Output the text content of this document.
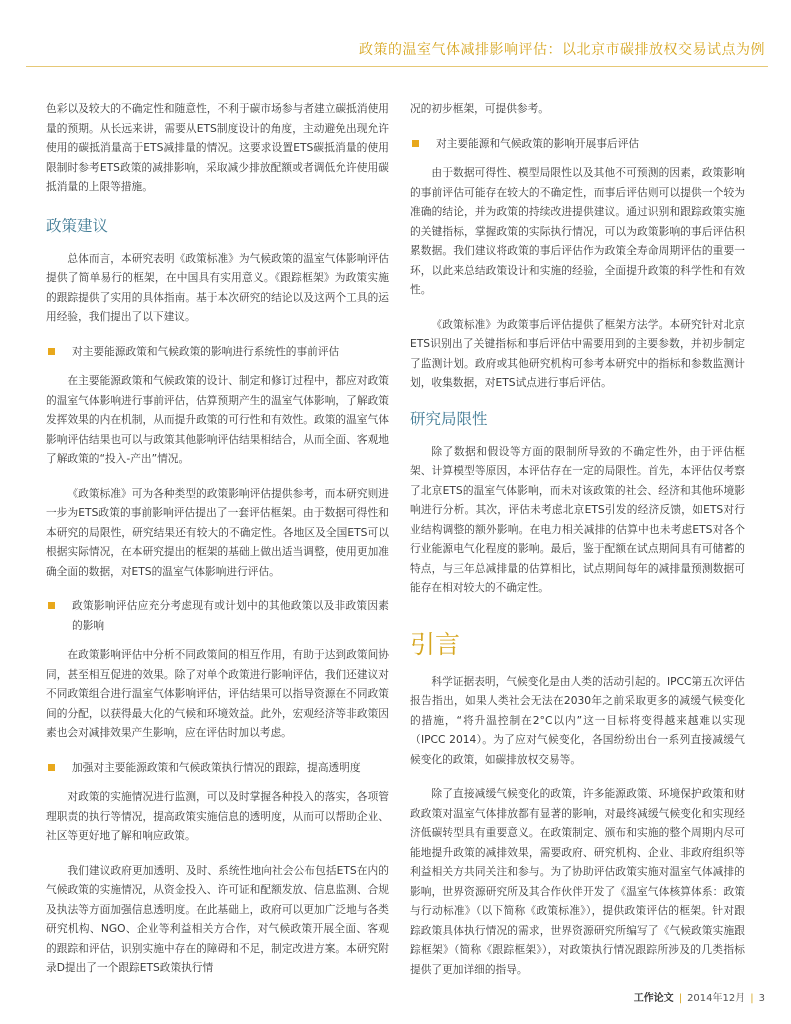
政策的温室气体减排影响评估：以北京市碳排放权交易试点为例

色彩以及较大的不确定性和随意性，不利于碳市场参与者建立碳抵消使用量的预期。从长远来讲，需要从ETS制度设计的角度，主动避免出现允许使用的碳抵消量高于ETS减排量的情况。这要求设置ETS碳抵消量的使用限制时参考ETS政策的减排影响，采取减少排放配额或者调低允许使用碳抵消量的上限等措施。

政策建议

总体而言，本研究表明《政策标准》为气候政策的温室气体影响评估提供了简单易行的框架，在中国具有实用意义。《跟踪框架》为政策实施的跟踪提供了实用的具体指南。基于本次研究的结论以及这两个工具的运用经验，我们提出了以下建议。

对主要能源政策和气候政策的影响进行系统性的事前评估

在主要能源政策和气候政策的设计、制定和修订过程中，都应对政策的温室气体影响进行事前评估，估算预期产生的温室气体影响，了解政策发挥效果的内在机制，从而提升政策的可行性和有效性。政策的温室气体影响评估结果也可以与政策其他影响评估结果相结合，从而全面、客观地了解政策的“投入-产出”情况。

《政策标准》可为各种类型的政策影响评估提供参考，而本研究则进一步为ETS政策的事前影响评估提出了一套评估框架。由于数据可得性和本研究的局限性，研究结果还有较大的不确定性。各地区及全国ETS可以根据实际情况，在本研究提出的框架的基础上做出适当调整，使用更加准确全面的数据，对ETS的温室气体影响进行评估。

政策影响评估应充分考虑现有或计划中的其他政策以及非政策因素的影响

在政策影响评估中分析不同政策间的相互作用，有助于达到政策间协同，甚至相互促进的效果。除了对单个政策进行影响评估，我们还建议对不同政策组合进行温室气体影响评估，评估结果可以指导资源在不同政策间的分配，以获得最大化的气候和环境效益。此外，宏观经济等非政策因素也会对减排效果产生影响，应在评估时加以考虑。

加强对主要能源政策和气候政策执行情况的跟踪，提高透明度

对政策的实施情况进行监测，可以及时掌握各种投入的落实，各项管理职责的执行等情况，提高政策实施信息的透明度，从而可以帮助企业、社区等更好地了解和响应政策。

我们建议政府更加透明、及时、系统性地向社会公布包括ETS在内的气候政策的实施情况，从资金投入、许可证和配额发放、信息监测、合规及执法等方面加强信息透明度。在此基础上，政府可以更加广泛地与各类研究机构、NGO、企业等利益相关方合作，对气候政策开展全面、客观的跟踪和评估，识别实施中存在的障碍和不足，制定改进方案。本研究附录D提出了一个跟踪ETS政策执行情

况的初步框架，可提供参考。

对主要能源和气候政策的影响开展事后评估

由于数据可得性、模型局限性以及其他不可预测的因素，政策影响的事前评估可能存在较大的不确定性，而事后评估则可以提供一个较为准确的结论，并为政策的持续改进提供建议。通过识别和跟踪政策实施的关键指标，掌握政策的实际执行情况，可以为政策影响的事后评估积累数据。我们建议将政策的事后评估作为政策全寿命周期评估的重要一环，以此来总结政策设计和实施的经验，全面提升政策的科学性和有效性。

《政策标准》为政策事后评估提供了框架方法学。本研究针对北京ETS识别出了关键指标和事后评估中需要用到的主要参数，并初步制定了监测计划。政府或其他研究机构可参考本研究中的指标和参数监测计划，收集数据，对ETS试点进行事后评估。

研究局限性

除了数据和假设等方面的限制所导致的不确定性外，由于评估框架、计算模型等原因，本评估存在一定的局限性。首先，本评估仅考察了北京ETS的温室气体影响，而未对该政策的社会、经济和其他环境影响进行分析。其次，评估未考虑北京ETS引发的经济反馈，如ETS对行业结构调整的额外影响。在电力相关减排的估算中也未考虑ETS对各个行业能源电气化程度的影响。最后，鉴于配额在试点期间具有可储蓄的特点，与三年总减排量的估算相比，试点期间每年的减排量预测数据可能存在相对较大的不确定性。

引言

科学证据表明，气候变化是由人类的活动引起的。IPCC第五次评估报告指出，如果人类社会无法在2030年之前采取更多的减缓气候变化的措施，“将升温控制在2°C以内”这一目标将变得越来越难以实现（IPCC 2014）。为了应对气候变化，各国纷纷出台一系列直接减缓气候变化的政策，如碳排放权交易等。

除了直接减缓气候变化的政策，许多能源政策、环境保护政策和财政政策对温室气体排放都有显著的影响，对最终减缓气候变化和实现经济低碳转型具有重要意义。在政策制定、颁布和实施的整个周期内尽可能地提升政策的减排效果，需要政府、研究机构、企业、非政府组织等利益相关方共同关注和参与。为了协助评估政策实施对温室气体减排的影响，世界资源研究所及其合作伙伴开发了《温室气体核算体系：政策与行动标准》（以下简称《政策标准》），提供政策评估的框架。针对跟踪政策具体执行情况的需求，世界资源研究所编写了《气候政策实施跟踪框架》（简称《跟踪框架》），对政策执行情况跟踪所涉及的几类指标提供了更加详细的指导。

工作论文 | 2014年12月 | 3
